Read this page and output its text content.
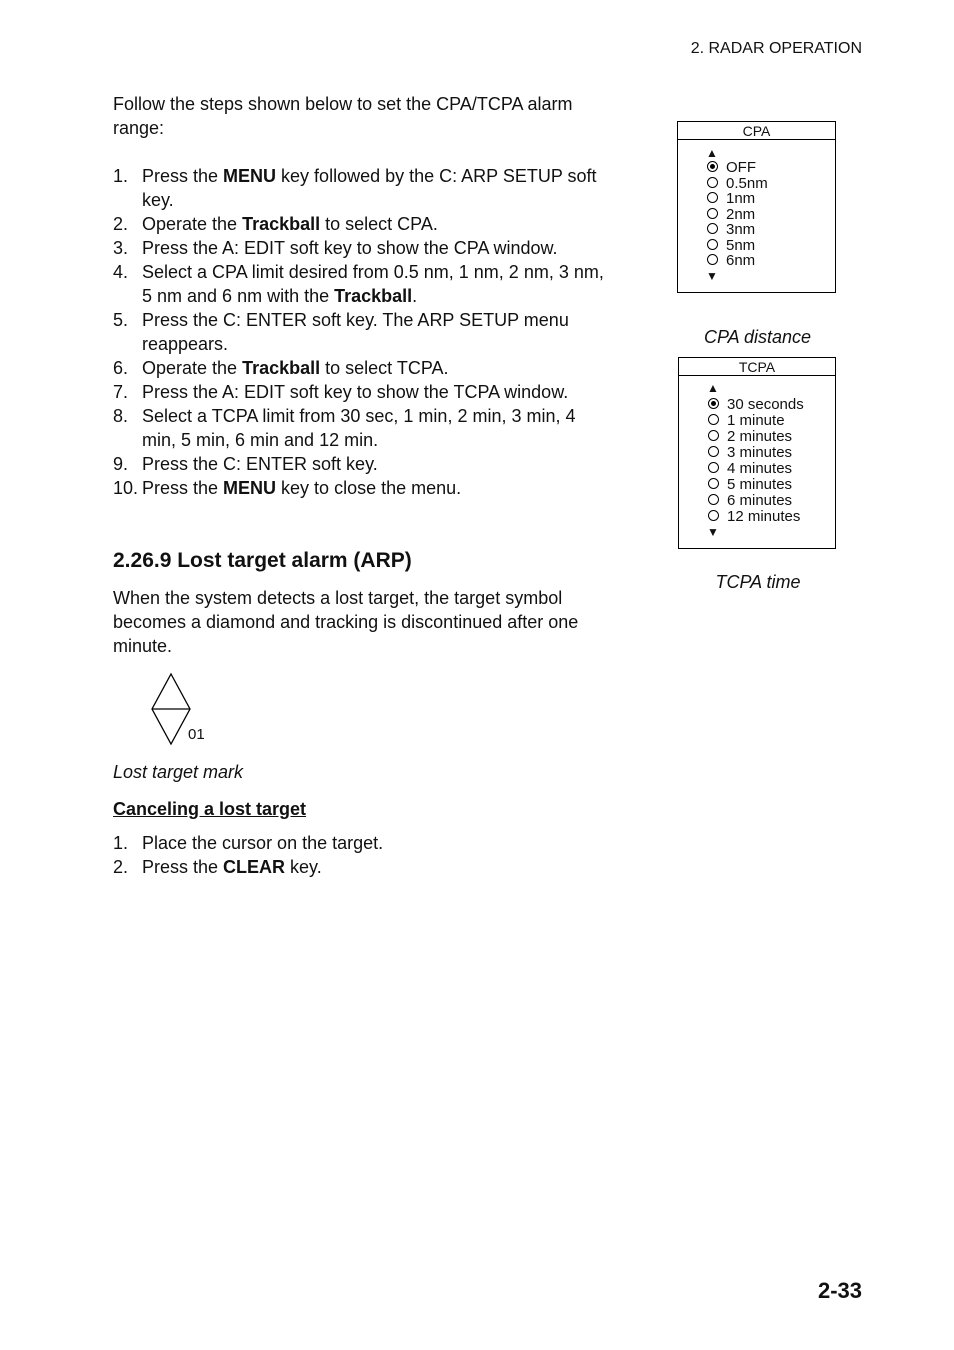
2. RADAR OPERATION
Follow the steps shown below to set the CPA/TCPA alarm range:
1. Press the MENU key followed by the C: ARP SETUP soft key.
2. Operate the Trackball to select CPA.
3. Press the A: EDIT soft key to show the CPA window.
4. Select a CPA limit desired from 0.5 nm, 1 nm, 2 nm, 3 nm, 5 nm and 6 nm with the Trackball.
5. Press the C: ENTER soft key. The ARP SETUP menu reappears.
6. Operate the Trackball to select TCPA.
7. Press the A: EDIT soft key to show the TCPA window.
8. Select a TCPA limit from 30 sec, 1 min, 2 min, 3 min, 4 min, 5 min, 6 min and 12 min.
9. Press the C: ENTER soft key.
10. Press the MENU key to close the menu.
2.26.9 Lost target alarm (ARP)
When the system detects a lost target, the target symbol becomes a diamond and tracking is discontinued after one minute.
01
Lost target mark
Canceling a lost target
1. Place the cursor on the target.
2. Press the CLEAR key.
CPA
▲
OFF
0.5nm
1nm
2nm
3nm
5nm
6nm
▼
CPA distance
TCPA
▲
30 seconds
1 minute
2 minutes
3 minutes
4 minutes
5 minutes
6 minutes
12 minutes
▼
TCPA time
2-33
